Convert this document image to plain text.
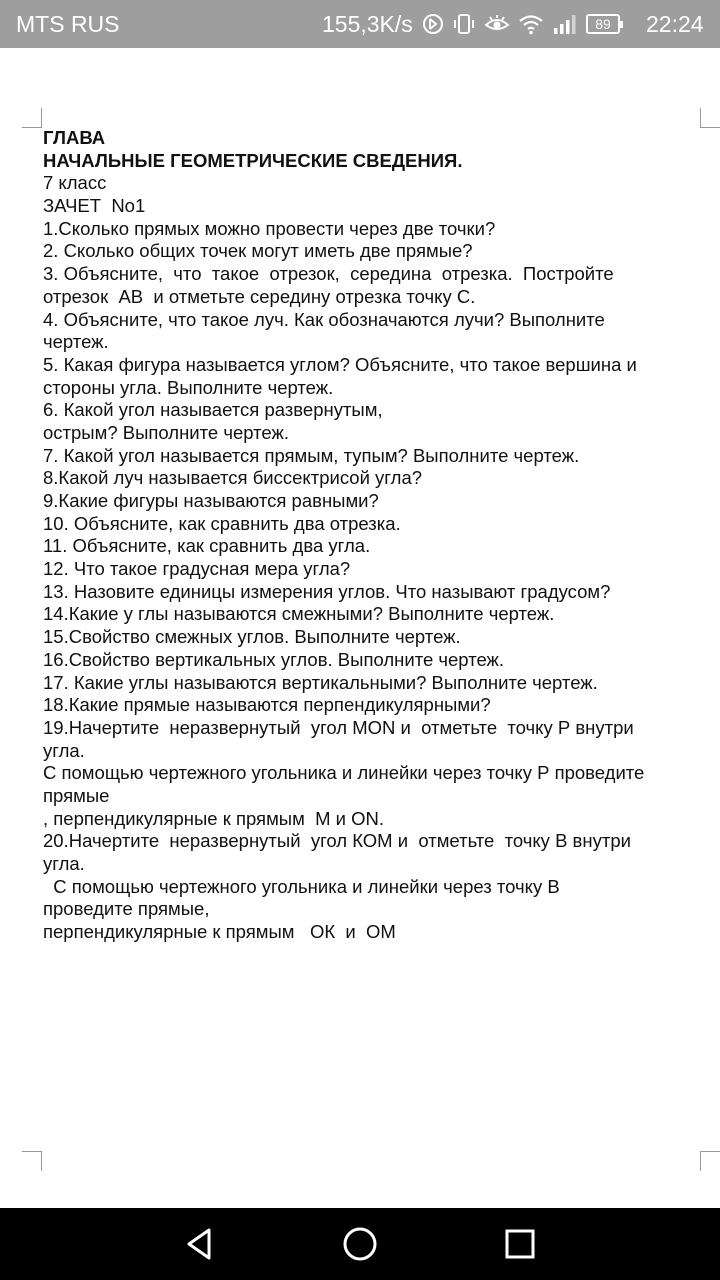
MTS RUS	155,3K/s	89	22:24
ГЛАВА
НАЧАЛЬНЫЕ ГЕОМЕТРИЧЕСКИЕ СВЕДЕНИЯ.
7 класс
ЗАЧЕТ  No1
1.Сколько прямых можно провести через две точки?
2. Сколько общих точек могут иметь две прямые?
3. Объясните,  что  такое  отрезок,  середина  отрезка.  Постройте
отрезок  АВ  и отметьте середину отрезка точку С.
4. Объясните, что такое луч. Как обозначаются лучи? Выполните
чертеж.
5. Какая фигура называется углом? Объясните, что такое вершина и
стороны угла. Выполните чертеж.
6. Какой угол называется развернутым,
острым? Выполните чертеж.
7. Какой угол называется прямым, тупым? Выполните чертеж.
8.Какой луч называется биссектрисой угла?
9.Какие фигуры называются равными?
10. Объясните, как сравнить два отрезка.
11. Объясните, как сравнить два угла.
12. Что такое градусная мера угла?
13. Назовите единицы измерения углов. Что называют градусом?
14.Какие у глы называются смежными? Выполните чертеж.
15.Свойство смежных углов. Выполните чертеж.
16.Свойство вертикальных углов. Выполните чертеж.
17. Какие углы называются вертикальными? Выполните чертеж.
18.Какие прямые называются перпендикулярными?
19.Начертите  неразвернутый  угол MON и  отметьте  точку Р внутри
угла.
С помощью чертежного угольника и линейки через точку Р проведите
прямые
, перпендикулярные к прямым  М и ON.
20.Начертите  неразвернутый  угол КОМ и  отметьте  точку В внутри
угла.
С помощью чертежного угольника и линейки через точку В
проведите прямые,
перпендикулярные к прямым   ОК  и  ОМ
